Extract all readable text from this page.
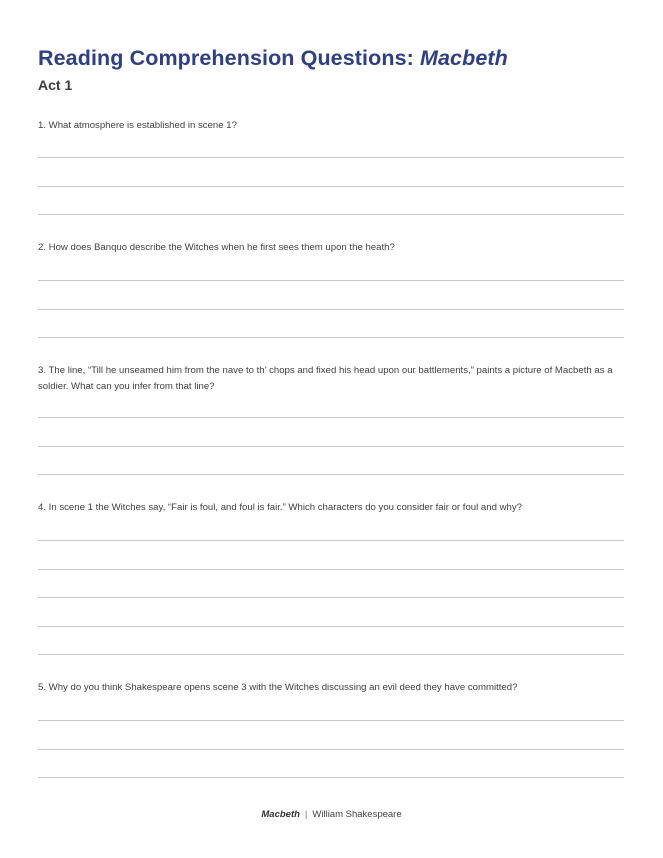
Reading Comprehension Questions: Macbeth
Act 1
1. What atmosphere is established in scene 1?
2. How does Banquo describe the Witches when he first sees them upon the heath?
3. The line, “Till he unseamed him from the nave to th’ chops and fixed his head upon our battlements,” paints a picture of Macbeth as a soldier. What can you infer from that line?
4. In scene 1 the Witches say, “Fair is foul, and foul is fair.” Which characters do you consider fair or foul and why?
5. Why do you think Shakespeare opens scene 3 with the Witches discussing an evil deed they have committed?
Macbeth | William Shakespeare
